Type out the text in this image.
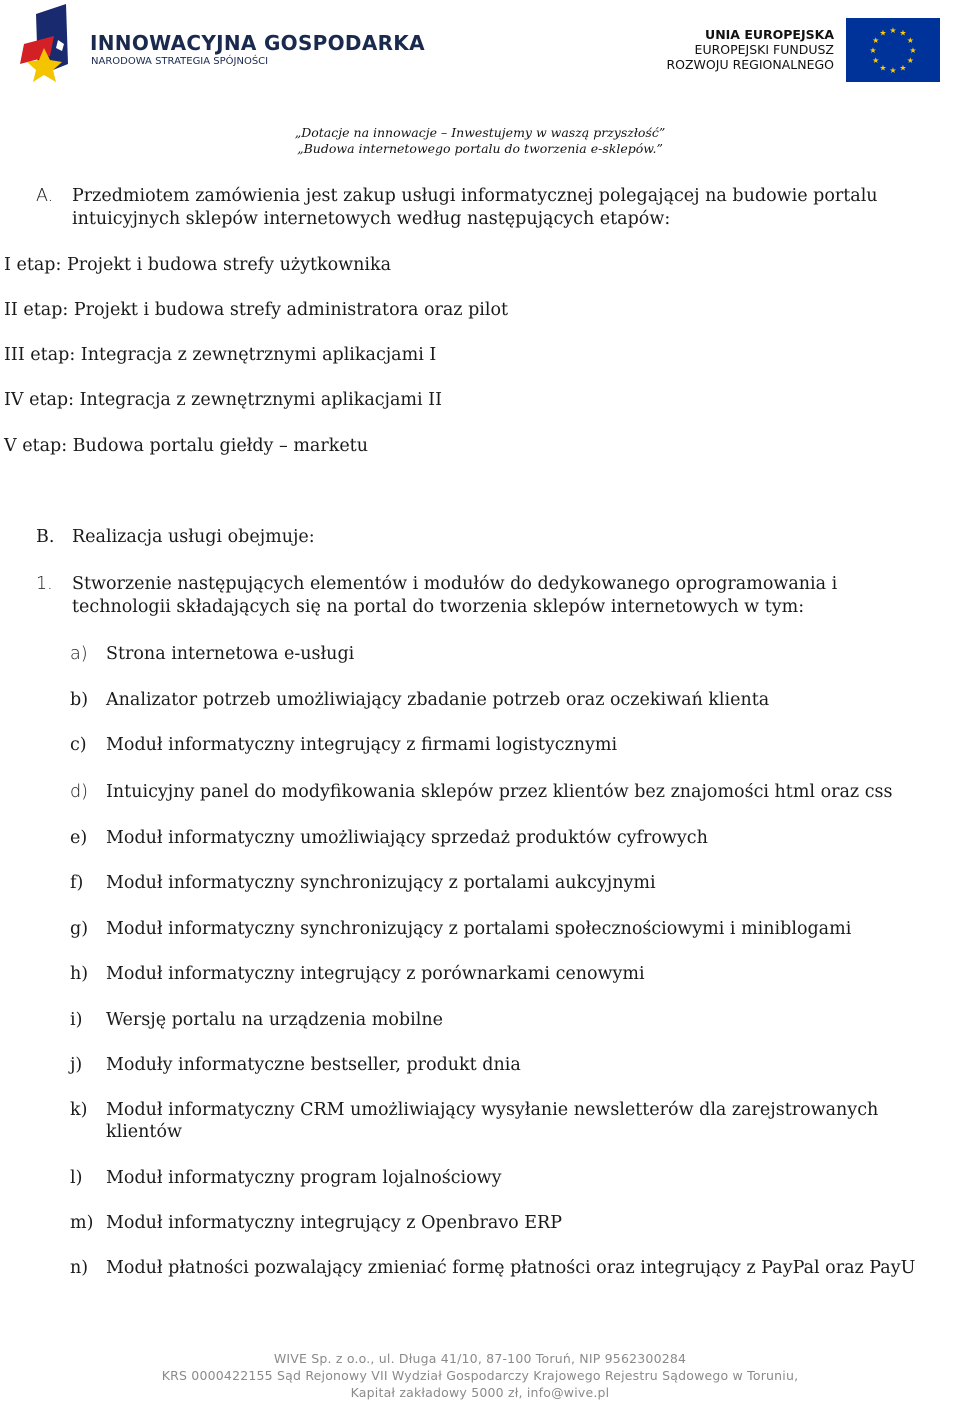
INNOWACYJNA GOSPODARKA
NARODOWA STRATEGIA SPÓJNOŚCI
UNIA EUROPEJSKA
EUROPEJSKI FUNDUSZ
ROZWOJU REGIONALNEGO
★ ★
★
★
★
★
★
★
★
★
★
★
„Dotacje na innowacje – Inwestujemy w waszą przyszłość”
„Budowa internetowego portalu do tworzenia e-sklepów.”
A. Przedmiotem zamówienia jest zakup usługi informatycznej polegającej na budowie portalu
intuicyjnych sklepów internetowych według następujących etapów:
I etap: Projekt i budowa strefy użytkownika
II etap: Projekt i budowa strefy administratora oraz pilot
III etap: Integracja z zewnętrznymi aplikacjami I
IV etap: Integracja z zewnętrznymi aplikacjami II
V etap: Budowa portalu giełdy – marketu
B. Realizacja usługi obejmuje:
1. Stworzenie następujących elementów i modułów do dedykowanego oprogramowania i
technologii składających się na portal do tworzenia sklepów internetowych w tym:
a)	Strona internetowa e-usługi
b)	Analizator potrzeb umożliwiający zbadanie potrzeb oraz oczekiwań klienta
c)	Moduł informatyczny integrujący z firmami logistycznymi
d)	Intuicyjny panel do modyfikowania sklepów przez klientów bez znajomości html oraz css
e)	Moduł informatyczny umożliwiający sprzedaż produktów cyfrowych
f)	Moduł informatyczny synchronizujący z portalami aukcyjnymi
g)	Moduł informatyczny synchronizujący z portalami społecznościowymi i miniblogami
h)	Moduł informatyczny integrujący z porównarkami cenowymi
i)	Wersję portalu na urządzenia mobilne
j)	Moduły informatyczne bestseller, produkt dnia
k)	Moduł informatyczny CRM umożliwiający wysyłanie newsletterów dla zarejstrowanych
klientów
l)	Moduł informatyczny program lojalnościowy
m) Moduł informatyczny integrujący z Openbravo ERP
n)	Moduł płatności pozwalający zmieniać formę płatności oraz integrujący z PayPal oraz PayU
WIVE Sp. z o.o., ul. Długa 41/10, 87-100 Toruń, NIP 9562300284
KRS 0000422155 Sąd Rejonowy VII Wydział Gospodarczy Krajowego Rejestru Sądowego w Toruniu,
Kapitał zakładowy 5000 zł, info@wive.pl
